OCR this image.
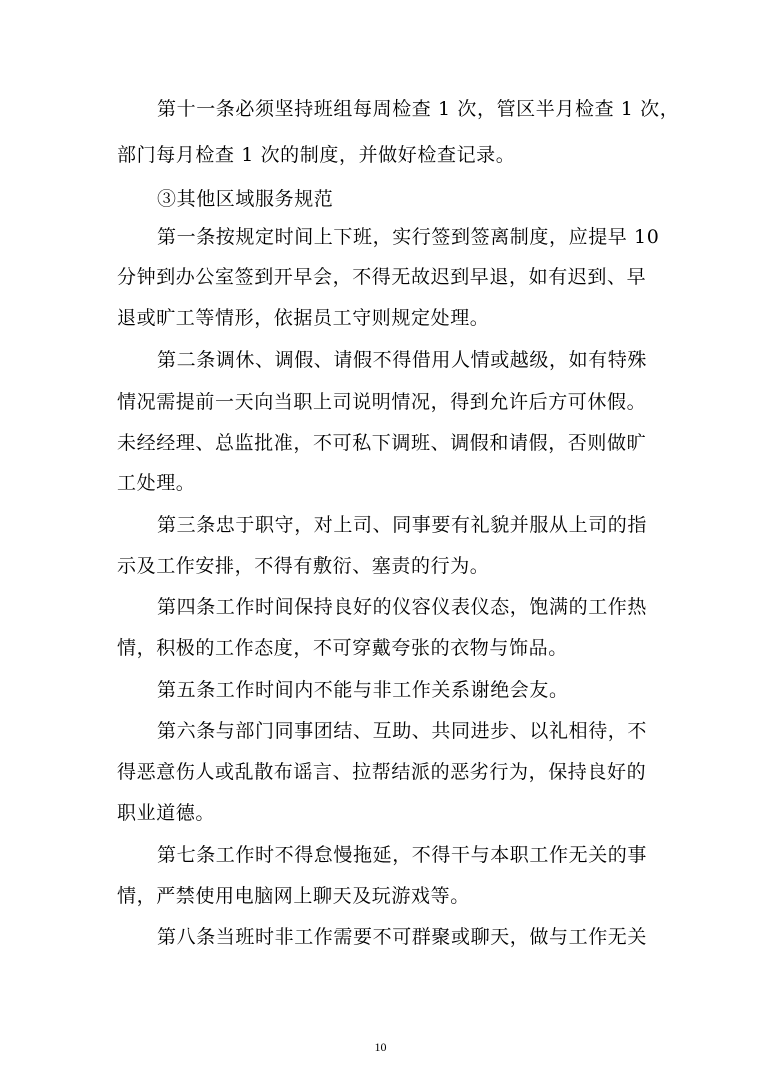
第十一条必须坚持班组每周检查 1 次，管区半月检查 1 次，

部门每月检查 1 次的制度，并做好检查记录。

③其他区域服务规范

第一条按规定时间上下班，实行签到签离制度，应提早 10

分钟到办公室签到开早会，不得无故迟到早退，如有迟到、早

退或旷工等情形，依据员工守则规定处理。

第二条调休、调假、请假不得借用人情或越级，如有特殊

情况需提前一天向当职上司说明情况，得到允许后方可休假。

未经经理、总监批准，不可私下调班、调假和请假，否则做旷

工处理。

第三条忠于职守，对上司、同事要有礼貌并服从上司的指

示及工作安排，不得有敷衍、塞责的行为。

第四条工作时间保持良好的仪容仪表仪态，饱满的工作热

情，积极的工作态度，不可穿戴夸张的衣物与饰品。

第五条工作时间内不能与非工作关系谢绝会友。

第六条与部门同事团结、互助、共同进步、以礼相待，不

得恶意伤人或乱散布谣言、拉帮结派的恶劣行为，保持良好的

职业道德。

第七条工作时不得怠慢拖延，不得干与本职工作无关的事

情，严禁使用电脑网上聊天及玩游戏等。

第八条当班时非工作需要不可群聚或聊天，做与工作无关

10
